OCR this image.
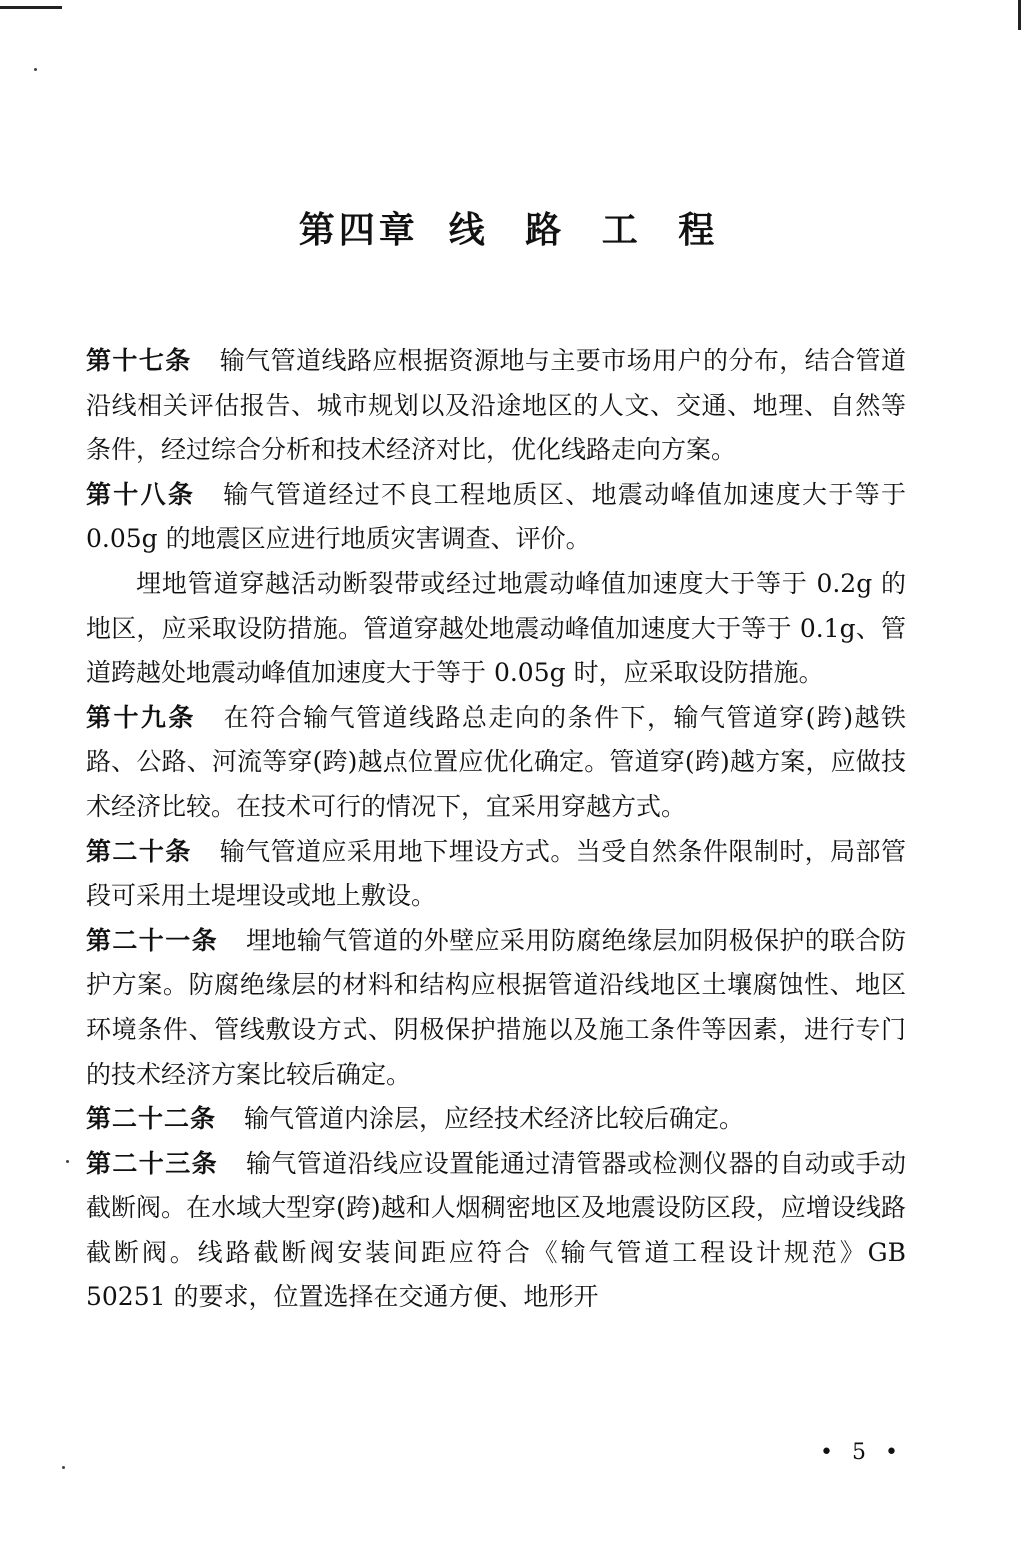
第四章 线 路 工 程

第十七条 输气管道线路应根据资源地与主要市场用户的分布，结合管道沿线相关评估报告、城市规划以及沿途地区的人文、交通、地理、自然等条件，经过综合分析和技术经济对比，优化线路走向方案。

第十八条 输气管道经过不良工程地质区、地震动峰值加速度大于等于 0.05g 的地震区应进行地质灾害调查、评价。

埋地管道穿越活动断裂带或经过地震动峰值加速度大于等于 0.2g 的地区，应采取设防措施。管道穿越处地震动峰值加速度大于等于 0.1g、管道跨越处地震动峰值加速度大于等于 0.05g 时，应采取设防措施。

第十九条 在符合输气管道线路总走向的条件下，输气管道穿(跨)越铁路、公路、河流等穿(跨)越点位置应优化确定。管道穿(跨)越方案，应做技术经济比较。在技术可行的情况下，宜采用穿越方式。

第二十条 输气管道应采用地下埋设方式。当受自然条件限制时，局部管段可采用土堤埋设或地上敷设。

第二十一条 埋地输气管道的外壁应采用防腐绝缘层加阴极保护的联合防护方案。防腐绝缘层的材料和结构应根据管道沿线地区土壤腐蚀性、地区环境条件、管线敷设方式、阴极保护措施以及施工条件等因素，进行专门的技术经济方案比较后确定。

第二十二条 输气管道内涂层，应经技术经济比较后确定。

第二十三条 输气管道沿线应设置能通过清管器或检测仪器的自动或手动截断阀。在水域大型穿(跨)越和人烟稠密地区及地震设防区段，应增设线路截断阀。线路截断阀安装间距应符合《输气管道工程设计规范》GB 50251 的要求，位置选择在交通方便、地形开

• 5 •
